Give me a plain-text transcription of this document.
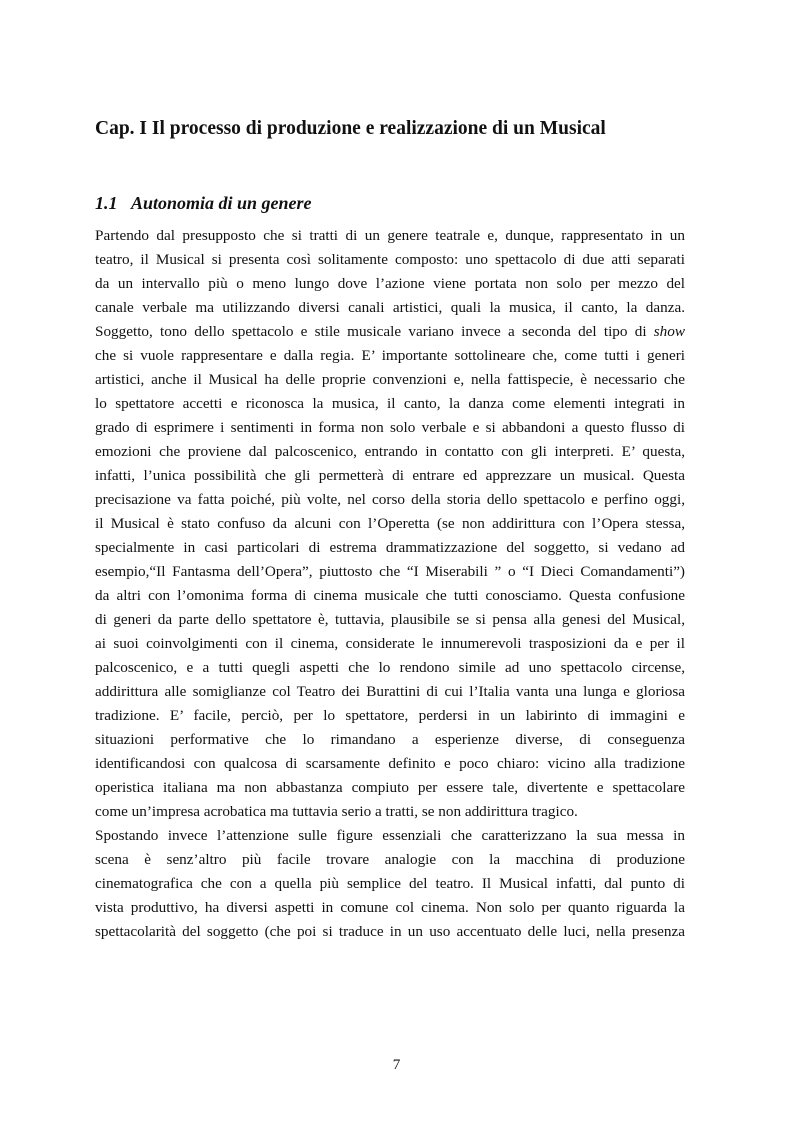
Cap. I Il processo di produzione e realizzazione di un Musical
1.1 Autonomia di un genere
Partendo dal presupposto che si tratti di un genere teatrale e, dunque, rappresentato in un
teatro, il Musical si presenta così solitamente composto: uno spettacolo di due atti separati
da un intervallo più o meno lungo dove l’azione viene portata non solo per mezzo del
canale verbale ma utilizzando diversi canali artistici, quali la musica, il canto, la danza.
Soggetto, tono dello spettacolo e stile musicale variano invece a seconda del tipo di show
che si vuole rappresentare e dalla regia. E’ importante sottolineare che, come tutti i generi
artistici, anche il Musical ha delle proprie convenzioni e, nella fattispecie, è necessario che
lo spettatore accetti e riconosca la musica, il canto, la danza come elementi integrati in
grado di esprimere i sentimenti in forma non solo verbale e si abbandoni a questo flusso di
emozioni che proviene dal palcoscenico, entrando in contatto con gli interpreti. E’ questa,
infatti, l’unica possibilità che gli permetterà di entrare ed apprezzare un musical. Questa
precisazione va fatta poiché, più volte, nel corso della storia dello spettacolo e perfino oggi,
il Musical è stato confuso da alcuni con l’Operetta (se non addirittura con l’Opera stessa,
specialmente in casi particolari di estrema drammatizzazione del soggetto, si vedano ad
esempio,“Il Fantasma dell’Opera”, piuttosto che “I Miserabili ” o “I Dieci Comandamenti”)
da altri con l’omonima forma di cinema musicale che tutti conosciamo. Questa confusione
di generi da parte dello spettatore è, tuttavia, plausibile se si pensa alla genesi del Musical,
ai suoi coinvolgimenti con il cinema, considerate le innumerevoli trasposizioni da e per il
palcoscenico, e a tutti quegli aspetti che lo rendono simile ad uno spettacolo circense,
addirittura alle somiglianze col Teatro dei Burattini di cui l’Italia vanta una lunga e gloriosa
tradizione. E’ facile, perciò, per lo spettatore, perdersi in un labirinto di immagini e
situazioni performative che lo rimandano a esperienze diverse, di conseguenza
identificandosi con qualcosa di scarsamente definito e poco chiaro: vicino alla tradizione
operistica italiana ma non abbastanza compiuto per essere tale, divertente e spettacolare
come un’impresa acrobatica ma tuttavia serio a tratti, se non addirittura tragico.
Spostando invece l’attenzione sulle figure essenziali che caratterizzano la sua messa in
scena è senz’altro più facile trovare analogie con la macchina di produzione
cinematografica che con a quella più semplice del teatro. Il Musical infatti, dal punto di
vista produttivo, ha diversi aspetti in comune col cinema. Non solo per quanto riguarda la
spettacolarità del soggetto (che poi si traduce in un uso accentuato delle luci, nella presenza
7
